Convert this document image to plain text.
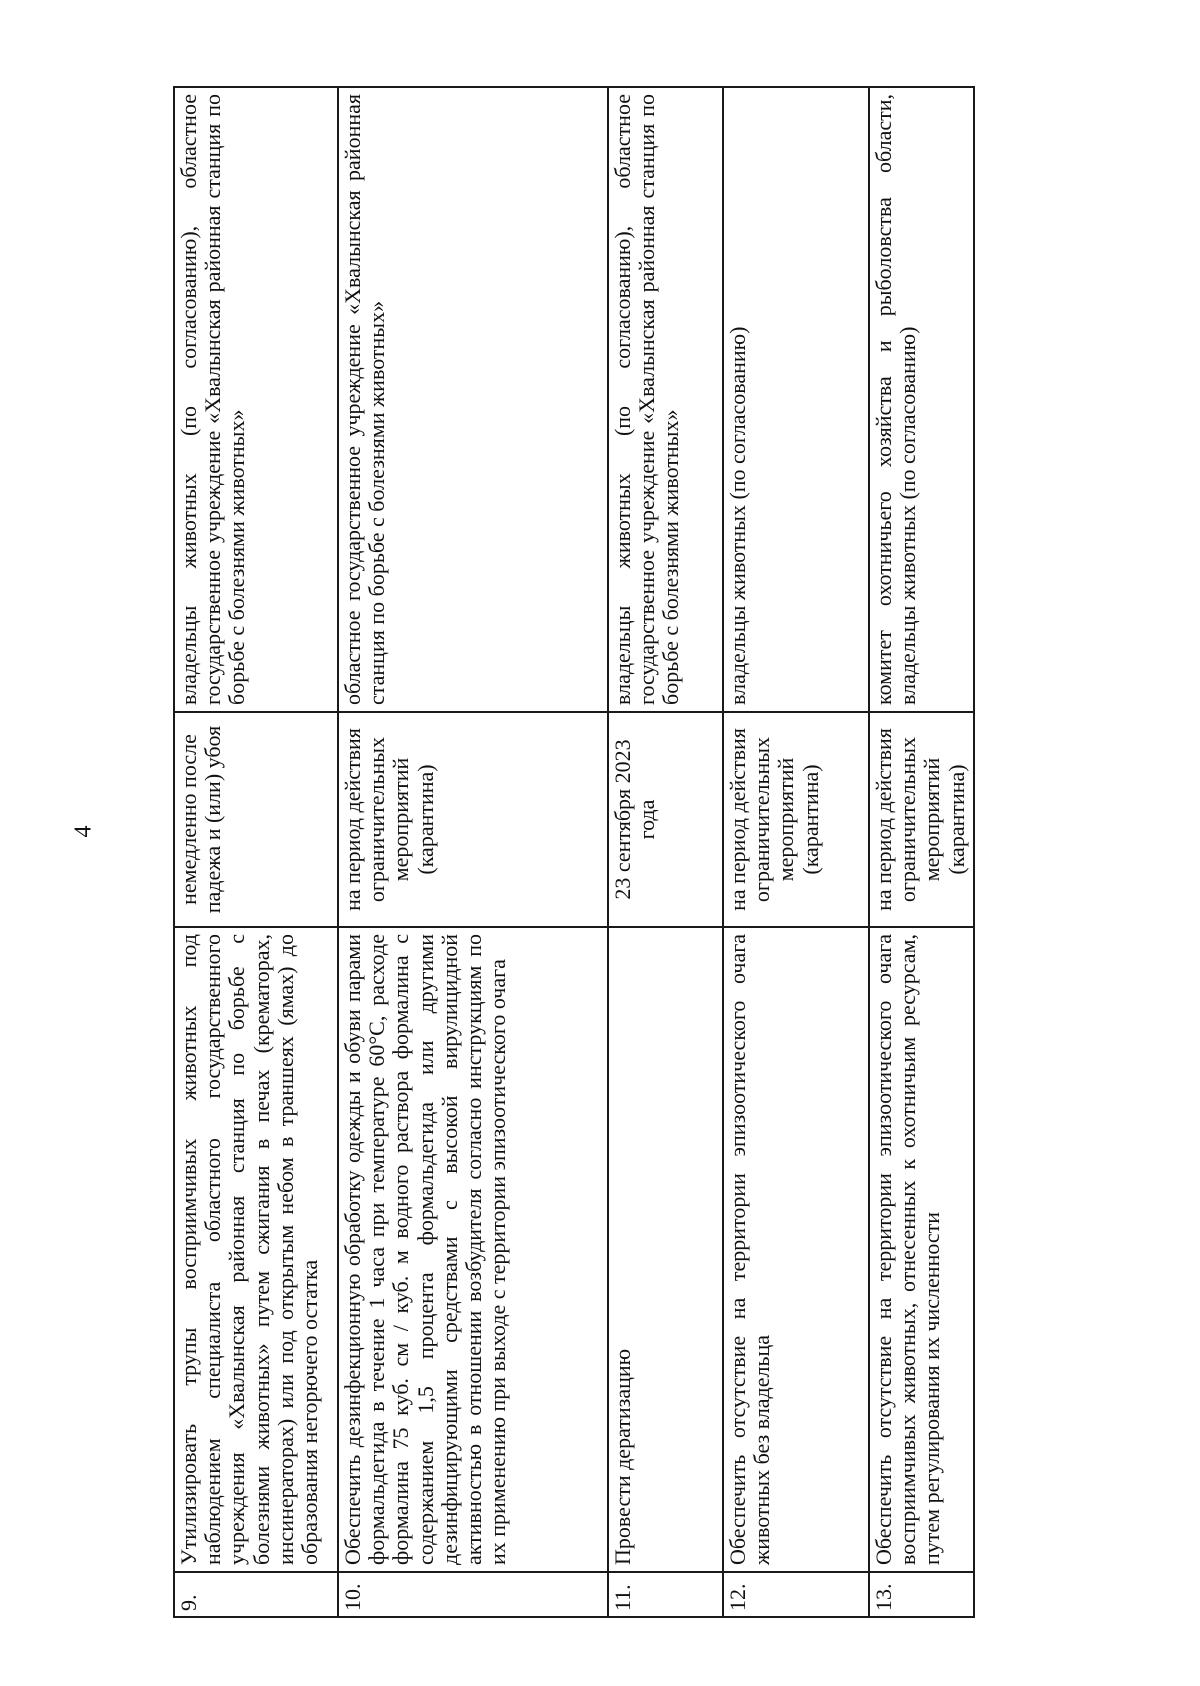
4
9.	Утилизировать трупы восприимчивых животных под наблюдением специалиста областного государственного учреждения «Хвалынская районная станция по борьбе с болезнями животных» путем сжигания в печах (крематорах, инсинераторах) или под открытым небом в траншеях (ямах) до образования негорючего остатка	немедленно после падежа и (или) убоя	владельцы животных (по согласованию), областное государственное учреждение «Хвалынская районная станция по борьбе с болезнями животных»
10.	Обеспечить дезинфекционную обработку одежды и обуви парами формальдегида в течение 1 часа при температуре 60°С, расходе формалина 75 куб. см / куб. м водного раствора формалина с содержанием 1,5 процента формальдегида или другими дезинфицирующими средствами с высокой вирулицидной активностью в отношении возбудителя согласно инструкциям по их применению при выходе с территории эпизоотического очага	на период действия ограничительных мероприятий (карантина)	областное государственное учреждение «Хвалынская районная станция по борьбе с болезнями животных»
11.	Провести дератизацию	23 сентября 2023 года	владельцы животных (по согласованию), областное государственное учреждение «Хвалынская районная станция по борьбе с болезнями животных»
12.	Обеспечить отсутствие на территории эпизоотического очага животных без владельца	на период действия ограничительных мероприятий (карантина)	владельцы животных (по согласованию)
13.	Обеспечить отсутствие на территории эпизоотического очага восприимчивых животных, отнесенных к охотничьим ресурсам, путем регулирования их численности	на период действия ограничительных мероприятий (карантина)	комитет охотничьего хозяйства и рыболовства области, владельцы животных (по согласованию)
